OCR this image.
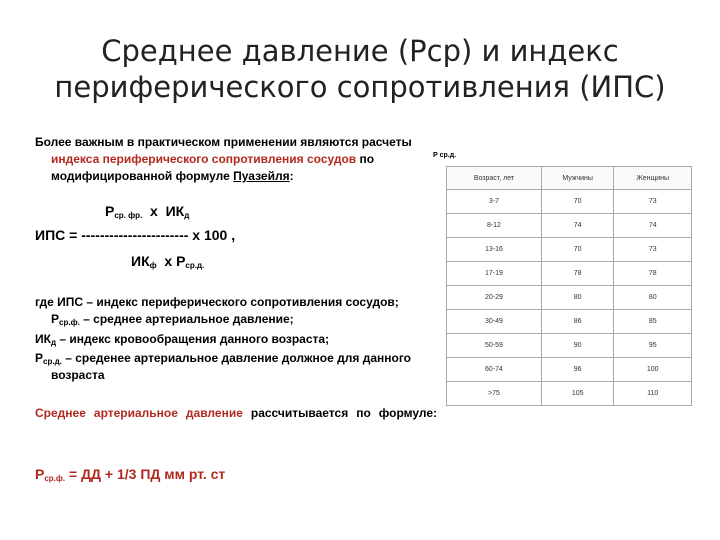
Среднее давление (Рср) и индекс
периферического сопротивления (ИПС)
Более важным в практическом применении являются расчеты индекса периферического сопротивления сосудов по модифицированной формуле Пуазейля:
$Р_{ср. фр.}$  х  $ИК_д$
ИПС = ----------------------- х 100 ,
$ИК_ф$  х $Р_{ср.д.}$
где ИПС – индекс периферического сопротивления сосудов;
$Р_{ср.ф.}$ – среднее артериальное давление;
$ИК_д$ – индекс кровообращения данного возраста;
$Р_{ср.д.}$ – среденее артериальное давление должное для данного возраста
Среднее артериальное давление рассчитывается по формуле:
$Р_{ср.ф.}$ = ДД + 1/3 ПД мм рт. ст
Р ср.д.
Возраст, лет	Мужчины	Женщины
3-7	70	73
8-12	74	74
13-16	70	73
17-19	78	78
20-29	80	80
30-49	86	85
50-59	90	95
60-74	96	100
>75	105	110
